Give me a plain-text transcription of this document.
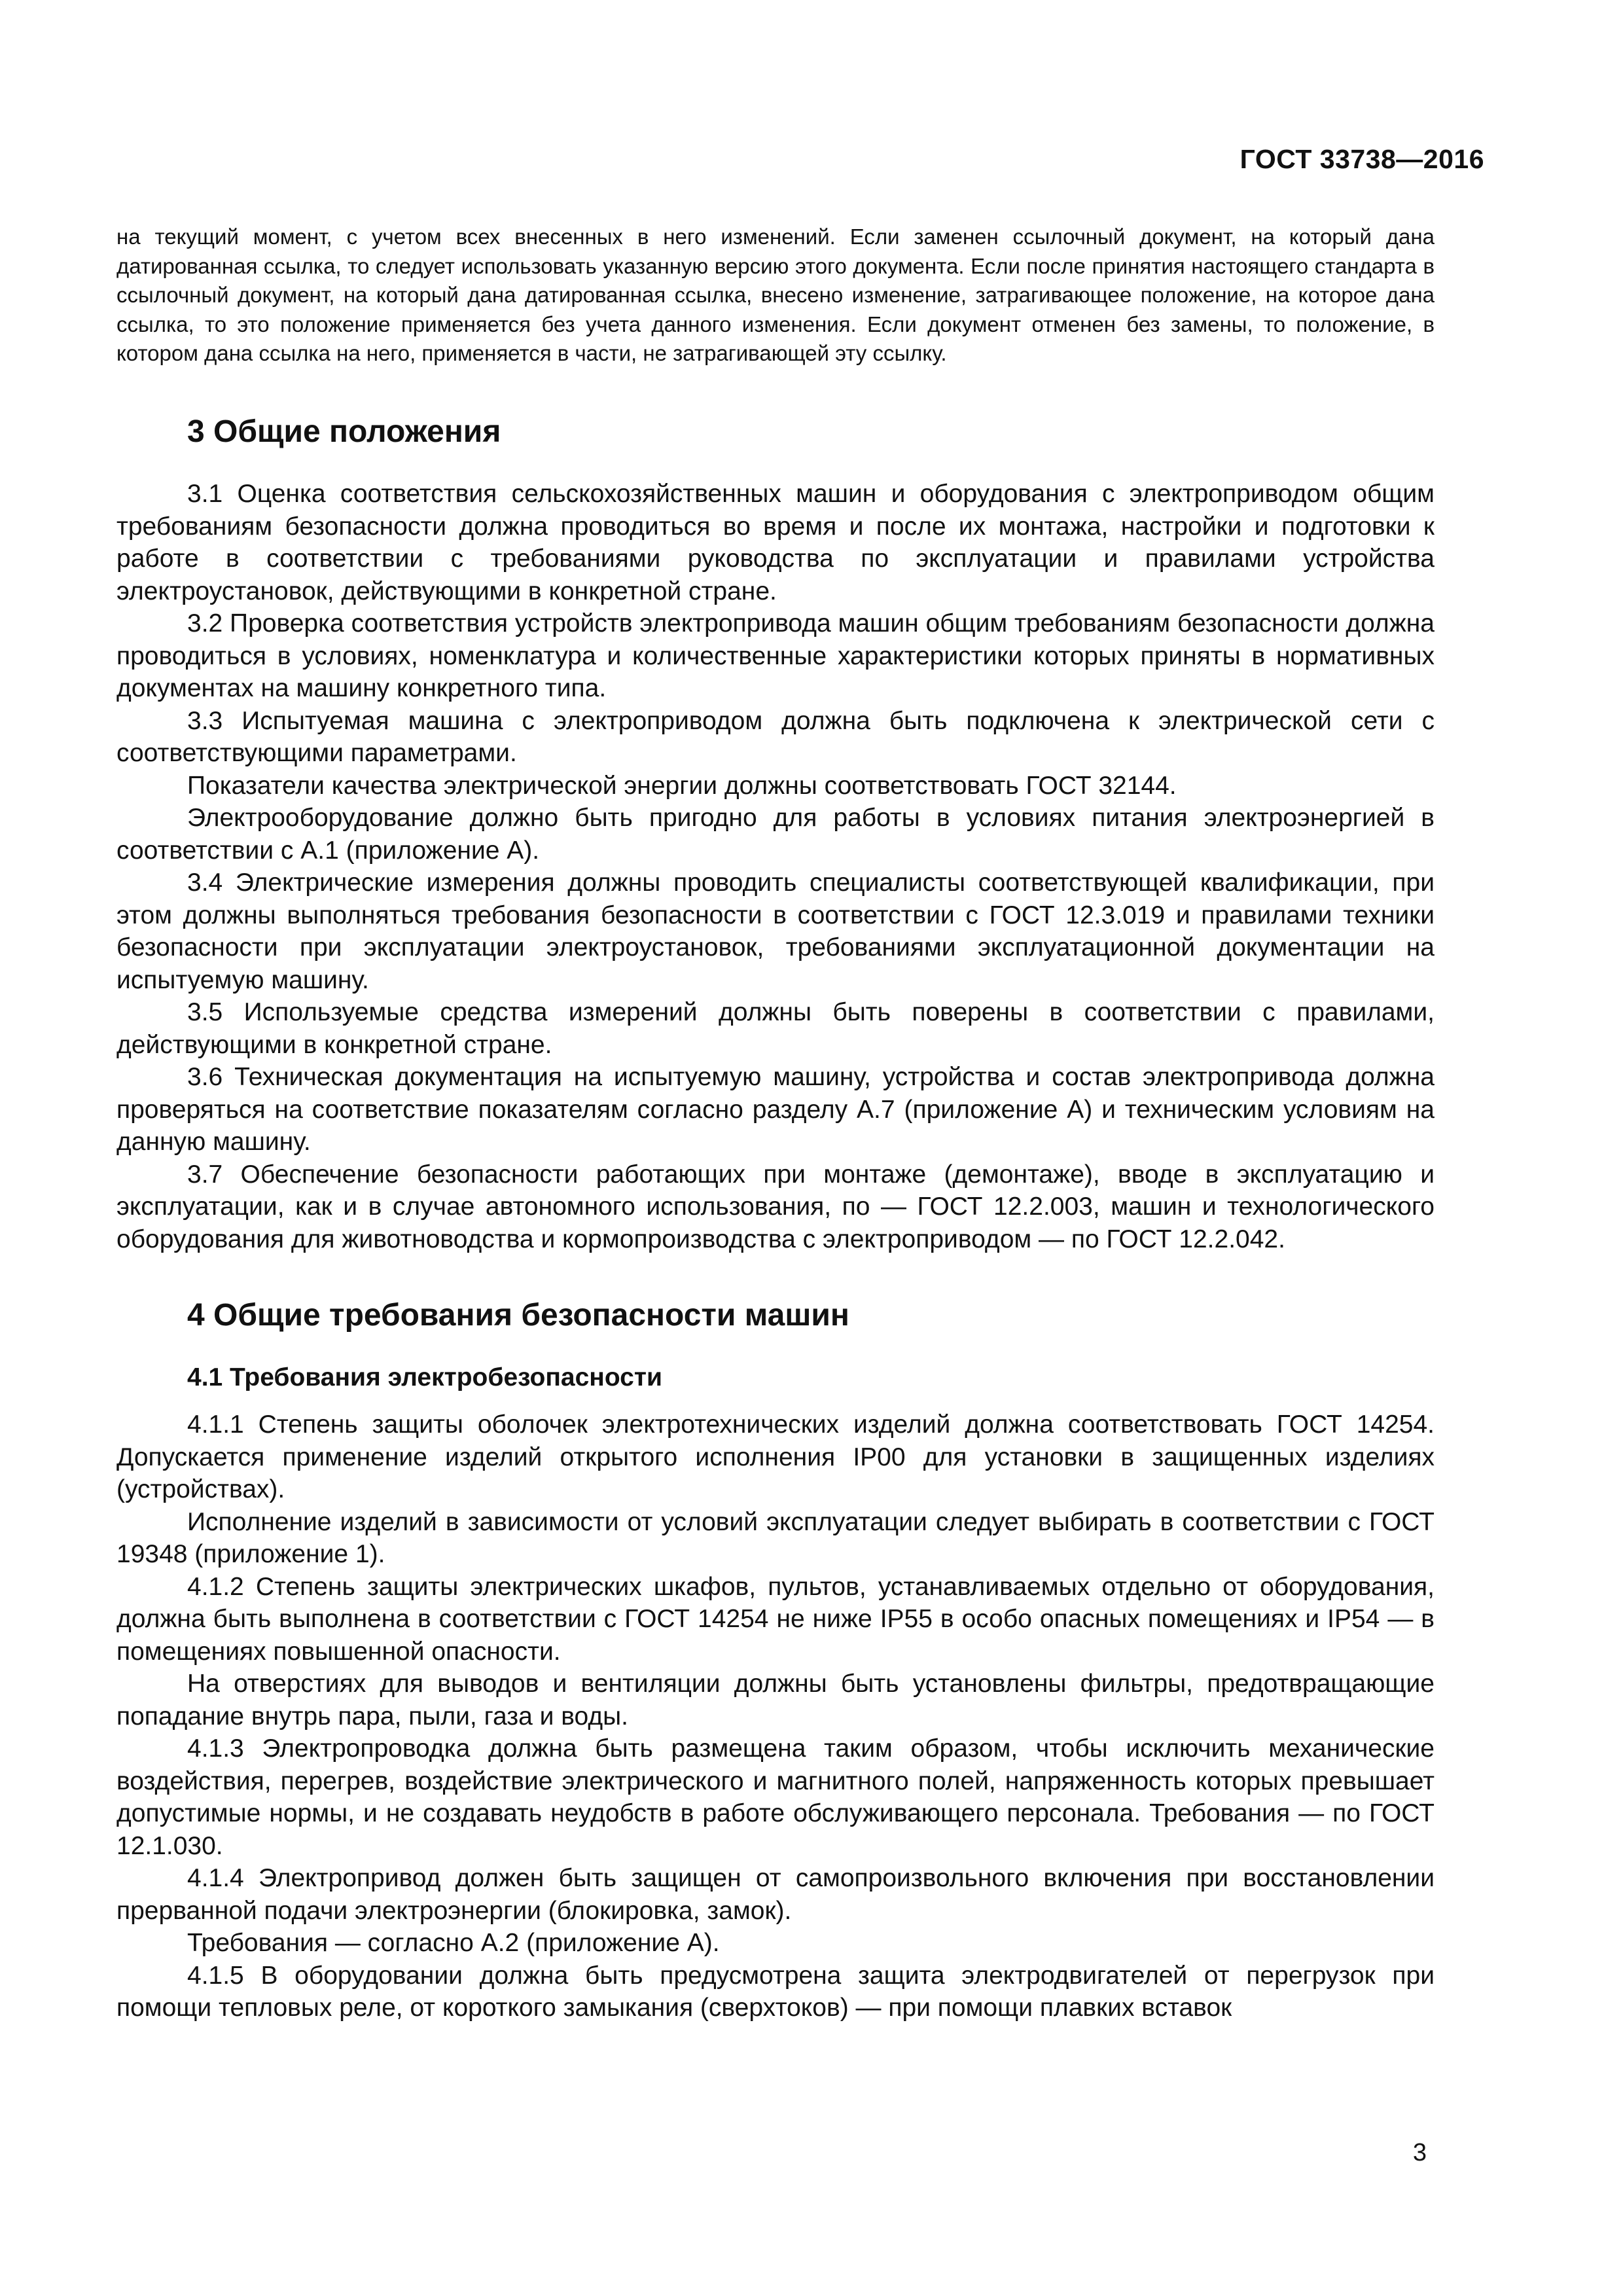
ГОСТ 33738—2016
на текущий момент, с учетом всех внесенных в него изменений. Если заменен ссылочный документ, на который дана датированная ссылка, то следует использовать указанную версию этого документа. Если после принятия настоящего стандарта в ссылочный документ, на который дана датированная ссылка, внесено изменение, затрагивающее положение, на которое дана ссылка, то это положение применяется без учета данного изменения. Если документ отменен без замены, то положение, в котором дана ссылка на него, применяется в части, не затрагивающей эту ссылку.
3 Общие положения

3.1 Оценка соответствия сельскохозяйственных машин и оборудования с электроприводом общим требованиям безопасности должна проводиться во время и после их монтажа, настройки и подготовки к работе в соответствии с требованиями руководства по эксплуатации и правилами устройства электроустановок, действующими в конкретной стране.

3.2 Проверка соответствия устройств электропривода машин общим требованиям безопасности должна проводиться в условиях, номенклатура и количественные характеристики которых приняты в нормативных документах на машину конкретного типа.

3.3 Испытуемая машина с электроприводом должна быть подключена к электрической сети с соответствующими параметрами.

Показатели качества электрической энергии должны соответствовать ГОСТ 32144.

Электрооборудование должно быть пригодно для работы в условиях питания электроэнергией в соответствии с А.1 (приложение А).

3.4 Электрические измерения должны проводить специалисты соответствующей квалификации, при этом должны выполняться требования безопасности в соответствии с ГОСТ 12.3.019 и правилами техники безопасности при эксплуатации электроустановок, требованиями эксплуатационной документации на испытуемую машину.

3.5 Используемые средства измерений должны быть поверены в соответствии с правилами, действующими в конкретной стране.

3.6 Техническая документация на испытуемую машину, устройства и состав электропривода должна проверяться на соответствие показателям согласно разделу А.7 (приложение А) и техническим условиям на данную машину.

3.7 Обеспечение безопасности работающих при монтаже (демонтаже), вводе в эксплуатацию и эксплуатации, как и в случае автономного использования, по — ГОСТ 12.2.003, машин и технологического оборудования для животноводства и кормопроизводства с электроприводом — по ГОСТ 12.2.042.

4 Общие требования безопасности машин
4.1 Требования электробезопасности

4.1.1 Степень защиты оболочек электротехнических изделий должна соответствовать ГОСТ 14254. Допускается применение изделий открытого исполнения IP00 для установки в защищенных изделиях (устройствах).

Исполнение изделий в зависимости от условий эксплуатации следует выбирать в соответствии с ГОСТ 19348 (приложение 1).

4.1.2 Степень защиты электрических шкафов, пультов, устанавливаемых отдельно от оборудования, должна быть выполнена в соответствии с ГОСТ 14254 не ниже IP55 в особо опасных помещениях и IP54 — в помещениях повышенной опасности.

На отверстиях для выводов и вентиляции должны быть установлены фильтры, предотвращающие попадание внутрь пара, пыли, газа и воды.

4.1.3 Электропроводка должна быть размещена таким образом, чтобы исключить механические воздействия, перегрев, воздействие электрического и магнитного полей, напряженность которых превышает допустимые нормы, и не создавать неудобств в работе обслуживающего персонала. Требования — по ГОСТ 12.1.030.

4.1.4 Электропривод должен быть защищен от самопроизвольного включения при восстановлении прерванной подачи электроэнергии (блокировка, замок).

Требования — согласно А.2 (приложение А).

4.1.5 В оборудовании должна быть предусмотрена защита электродвигателей от перегрузок при помощи тепловых реле, от короткого замыкания (сверхтоков) — при помощи плавких вставок

3
